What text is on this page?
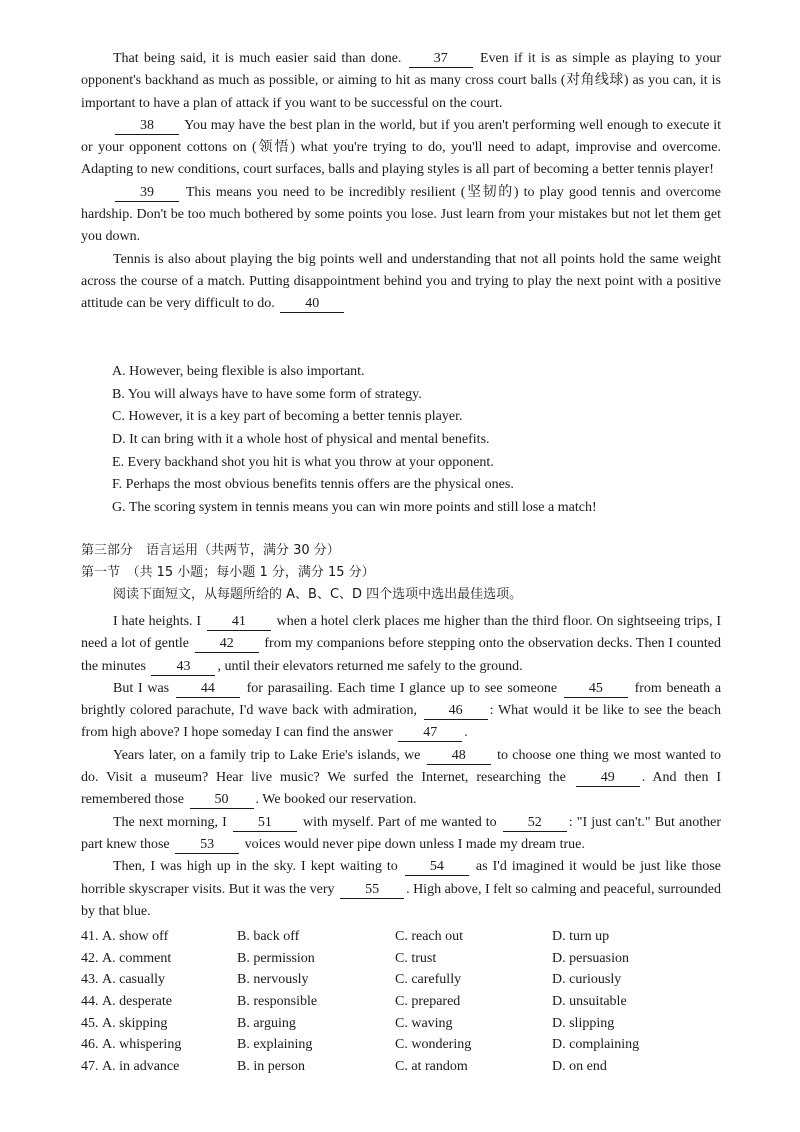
That being said, it is much easier said than done. 37 Even if it is as simple as playing to your opponent's backhand as much as possible, or aiming to hit as many cross court balls (对角线球) as you can, it is important to have a plan of attack if you want to be successful on the court.

38 You may have the best plan in the world, but if you aren't performing well enough to execute it or your opponent cottons on (领悟) what you're trying to do, you'll need to adapt, improvise and overcome. Adapting to new conditions, court surfaces, balls and playing styles is all part of becoming a better tennis player!

39 This means you need to be incredibly resilient (坚韧的) to play good tennis and overcome hardship. Don't be too much bothered by some points you lose. Just learn from your mistakes but not let them get you down.

Tennis is also about playing the big points well and understanding that not all points hold the same weight across the course of a match. Putting disappointment behind you and trying to play the next point with a positive attitude can be very difficult to do. 40

A. However, being flexible is also important.
B. You will always have to have some form of strategy.
C. However, it is a key part of becoming a better tennis player.
D. It can bring with it a whole host of physical and mental benefits.
E. Every backhand shot you hit is what you throw at your opponent.
F. Perhaps the most obvious benefits tennis offers are the physical ones.
G. The scoring system in tennis means you can win more points and still lose a match!
第三部分　语言运用（共两节，满分 30 分）
第一节　（共 15 小题；每小题 1 分，满分 15 分）
阅读下面短文，从每题所给的 A、B、C、D 四个选项中选出最佳选项。

I hate heights. I 41 when a hotel clerk places me higher than the third floor. On sightseeing trips, I need a lot of gentle 42 from my companions before stepping onto the observation decks. Then I counted the minutes 43 , until their elevators returned me safely to the ground.

But I was 44 for parasailing. Each time I glance up to see someone 45 from beneath a brightly colored parachute, I'd wave back with admiration, 46 : What would it be like to see the beach from high above? I hope someday I can find the answer 47 .

Years later, on a family trip to Lake Erie's islands, we 48 to choose one thing we most wanted to do. Visit a museum? Hear live music? We surfed the Internet, researching the 49 . And then I remembered those 50 . We booked our reservation.

The next morning, I 51 with myself. Part of me wanted to 52 : "I just can't." But another part knew those 53 voices would never pipe down unless I made my dream true.

Then, I was high up in the sky. I kept waiting to 54 as I'd imagined it would be just like those horrible skyscraper visits. But it was the very 55 . High above, I felt so calming and peaceful, surrounded by that blue.

41. A. show off	B. back off	C. reach out	D. turn up
42. A. comment	B. permission	C. trust	D. persuasion
43. A. casually	B. nervously	C. carefully	D. curiously
44. A. desperate	B. responsible	C. prepared	D. unsuitable
45. A. skipping	B. arguing	C. waving	D. slipping
46. A. whispering	B. explaining	C. wondering	D. complaining
47. A. in advance	B. in person	C. at random	D. on end
